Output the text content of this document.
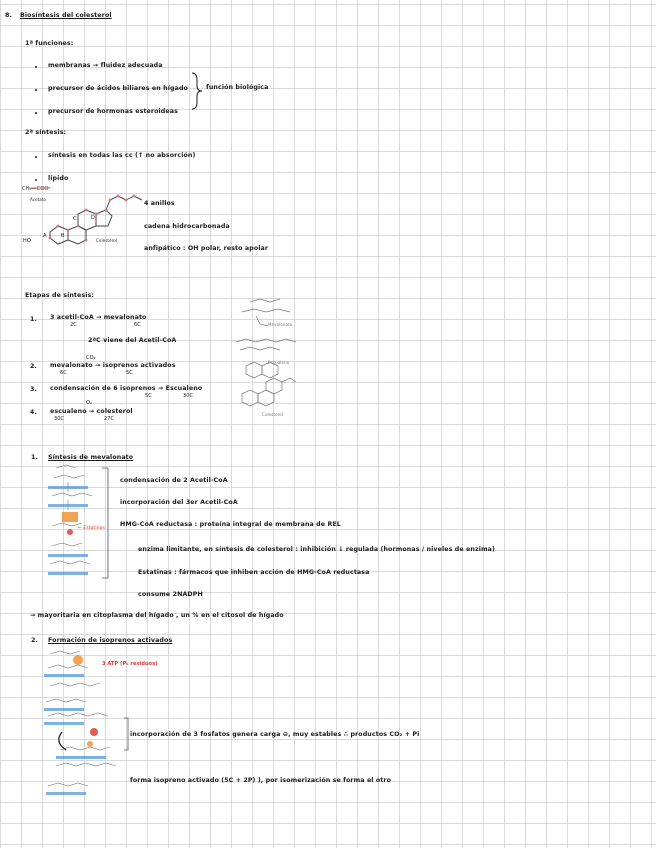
8. Biosíntesis del colesterol
1ª funciones:
membranas → fluidez adecuada
precursor de ácidos biliares en hígado
precursor de hormonas esteroideas
función biológica
2ª síntesis:
síntesis en todas las cc (↑ no absorción)
lípido
CH₃—COO⁻
Acetato
A	B
C	D
HO	Colesterol
4 anillos
cadena hidrocarbonada
anfipático : OH polar, resto apolar
Etapas de síntesis:
1. 3 acetil-CoA → mevalonato
2C	6C
2ªC viene del Acetil-CoA
CO₂
2. mevalonato → isoprenos activados
6C	5C
3. condensación de 6 isoprenos → Escualeno
5C	30C
O₂
4. escualeno → colesterol
30C	27C
Mevalonato
Escualeno
Colesterol
1. Síntesis de mevalonato
← Estatinas
condensación de 2 Acetil-CoA
incorporación del 3er Acetil-CoA
HMG-CoA reductasa : proteína integral de membrana de REL
enzima limitante, en síntesis de colesterol : inhibición ↓ regulada (hormonas / niveles de enzima)
Estatinas : fármacos que inhiben acción de HMG-CoA reductasa
consume 2NADPH
→ mayoritaria en citoplasma del hígado , un % en el citosol de hígado
2. Formación de isoprenos activados
3 ATP (P₀ residuos)
incorporación de 3 fosfatos genera carga ⊖, muy estables ∴ productos CO₂ + Pi
forma isopreno activado (5C + 2P) ), por isomerización se forma el otro
